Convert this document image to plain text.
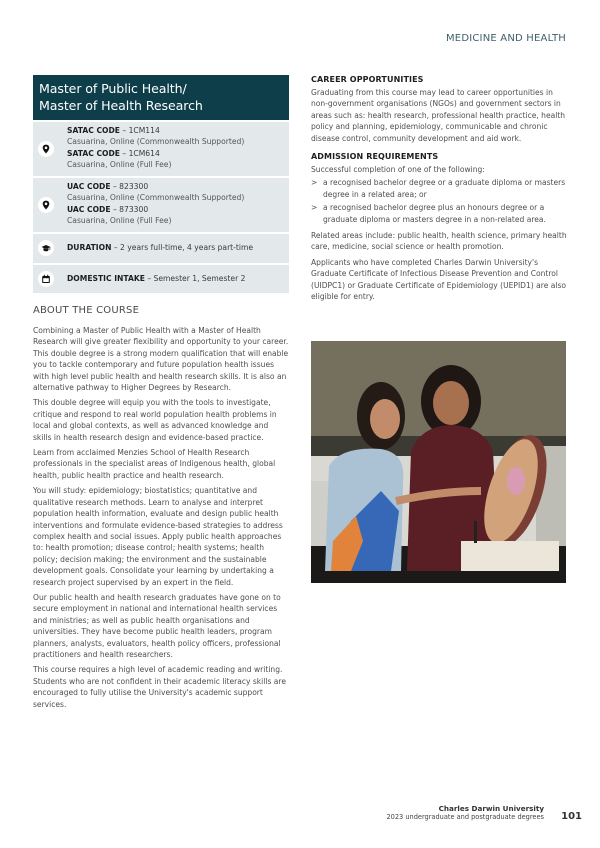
MEDICINE AND HEALTH
Master of Public Health/
Master of Health Research
SATAC CODE – 1CM114
Casuarina, Online (Commonwealth Supported)
SATAC CODE – 1CM614
Casuarina, Online (Full Fee)
UAC CODE – 823300
Casuarina, Online (Commonwealth Supported)
UAC CODE – 873300
Casuarina, Online (Full Fee)
DURATION – 2 years full-time, 4 years part-time
DOMESTIC INTAKE – Semester 1, Semester 2
ABOUT THE COURSE

Combining a Master of Public Health with a Master of Health Research will give greater flexibility and opportunity to your career. This double degree is a strong modern qualification that will enable you to tackle contemporary and future population health issues with high level public health and health research skills. It is also an alternative pathway to Higher Degrees by Research.

This double degree will equip you with the tools to investigate, critique and respond to real world population health problems in local and global contexts, as well as advanced knowledge and skills in health research design and evidence-based practice.

Learn from acclaimed Menzies School of Health Research professionals in the specialist areas of Indigenous health, global health, public health practice and health research.

You will study: epidemiology; biostatistics; quantitative and qualitative research methods. Learn to analyse and interpret population health information, evaluate and design public health interventions and formulate evidence-based strategies to address complex health and social issues. Apply public health approaches to: health promotion; disease control; health systems; health policy; decision making; the environment and the sustainable development goals. Consolidate your learning by undertaking a research project supervised by an expert in the field.

Our public health and health research graduates have gone on to secure employment in national and international health services and ministries; as well as public health organisations and universities. They have become public health leaders, program planners, analysts, evaluators, health policy officers, professional practitioners and health researchers.

This course requires a high level of academic reading and writing. Students who are not confident in their academic literacy skills are encouraged to fully utilise the University's academic support services.

CAREER OPPORTUNITIES

Graduating from this course may lead to career opportunities in non-government organisations (NGOs) and government sectors in areas such as: health research, professional health practice, health policy and planning, epidemiology, communicable and chronic disease control, community development and aid work.

ADMISSION REQUIREMENTS

Successful completion of one of the following:

> a recognised bachelor degree or a graduate diploma or masters degree in a related area; or
> a recognised bachelor degree plus an honours degree or a graduate diploma or masters degree in a non-related area.

Related areas include: public health, health science, primary health care, medicine, social science or health promotion.

Applicants who have completed Charles Darwin University's Graduate Certificate of Infectious Disease Prevention and Control (UIDPC1) or Graduate Certificate of Epidemiology (UEPID1) are also eligible for entry.

Charles Darwin University
2023 undergraduate and postgraduate degrees 101
